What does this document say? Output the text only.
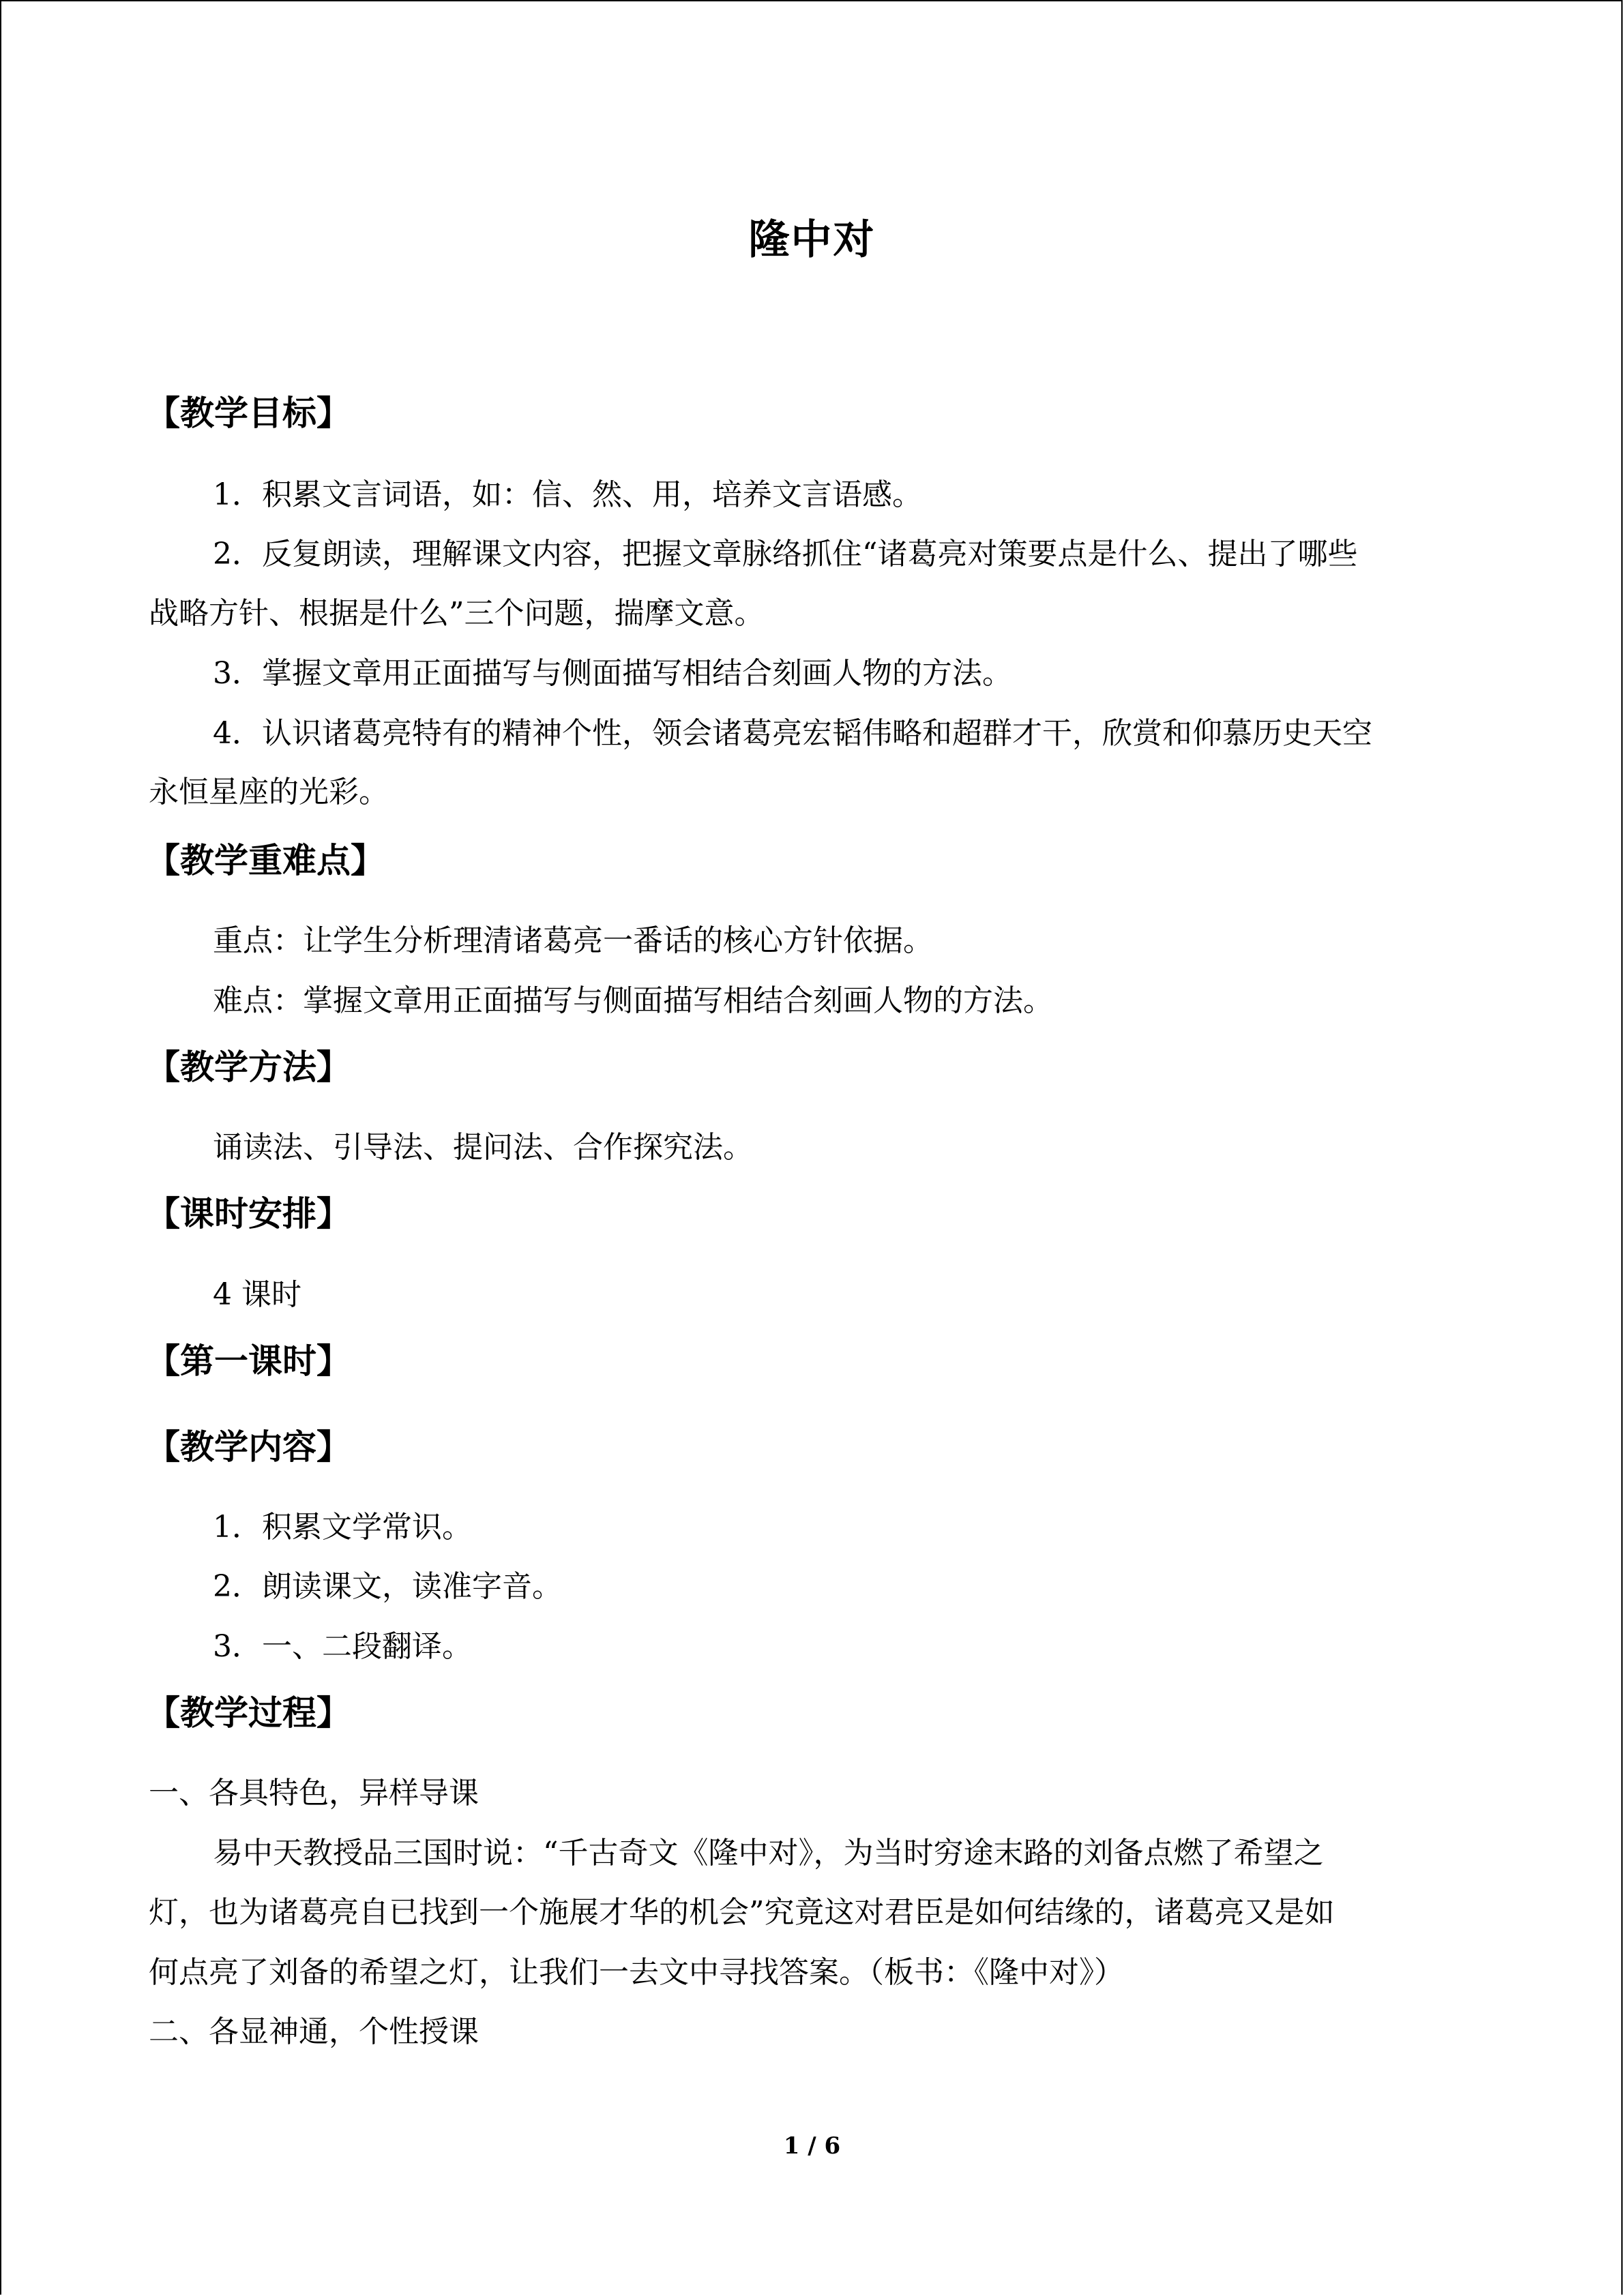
隆中对
【教学目标】
1．积累文言词语，如：信、然、用，培养文言语感。
2．反复朗读，理解课文内容，把握文章脉络抓住“诸葛亮对策要点是什么、提出了哪些
战略方针、根据是什么”三个问题，揣摩文意。
3．掌握文章用正面描写与侧面描写相结合刻画人物的方法。
4．认识诸葛亮特有的精神个性，领会诸葛亮宏韬伟略和超群才干，欣赏和仰慕历史天空
永恒星座的光彩。
【教学重难点】
重点：让学生分析理清诸葛亮一番话的核心方针依据。
难点：掌握文章用正面描写与侧面描写相结合刻画人物的方法。
【教学方法】
诵读法、引导法、提问法、合作探究法。
【课时安排】
4 课时
【第一课时】
【教学内容】
1．积累文学常识。
2．朗读课文，读准字音。
3．一、二段翻译。
【教学过程】
一、各具特色，异样导课
易中天教授品三国时说：“千古奇文《隆中对》，为当时穷途末路的刘备点燃了希望之
灯，也为诸葛亮自已找到一个施展才华的机会”究竟这对君臣是如何结缘的，诸葛亮又是如
何点亮了刘备的希望之灯，让我们一去文中寻找答案。（板书：《隆中对》）
二、各显神通，个性授课
1 / 6
